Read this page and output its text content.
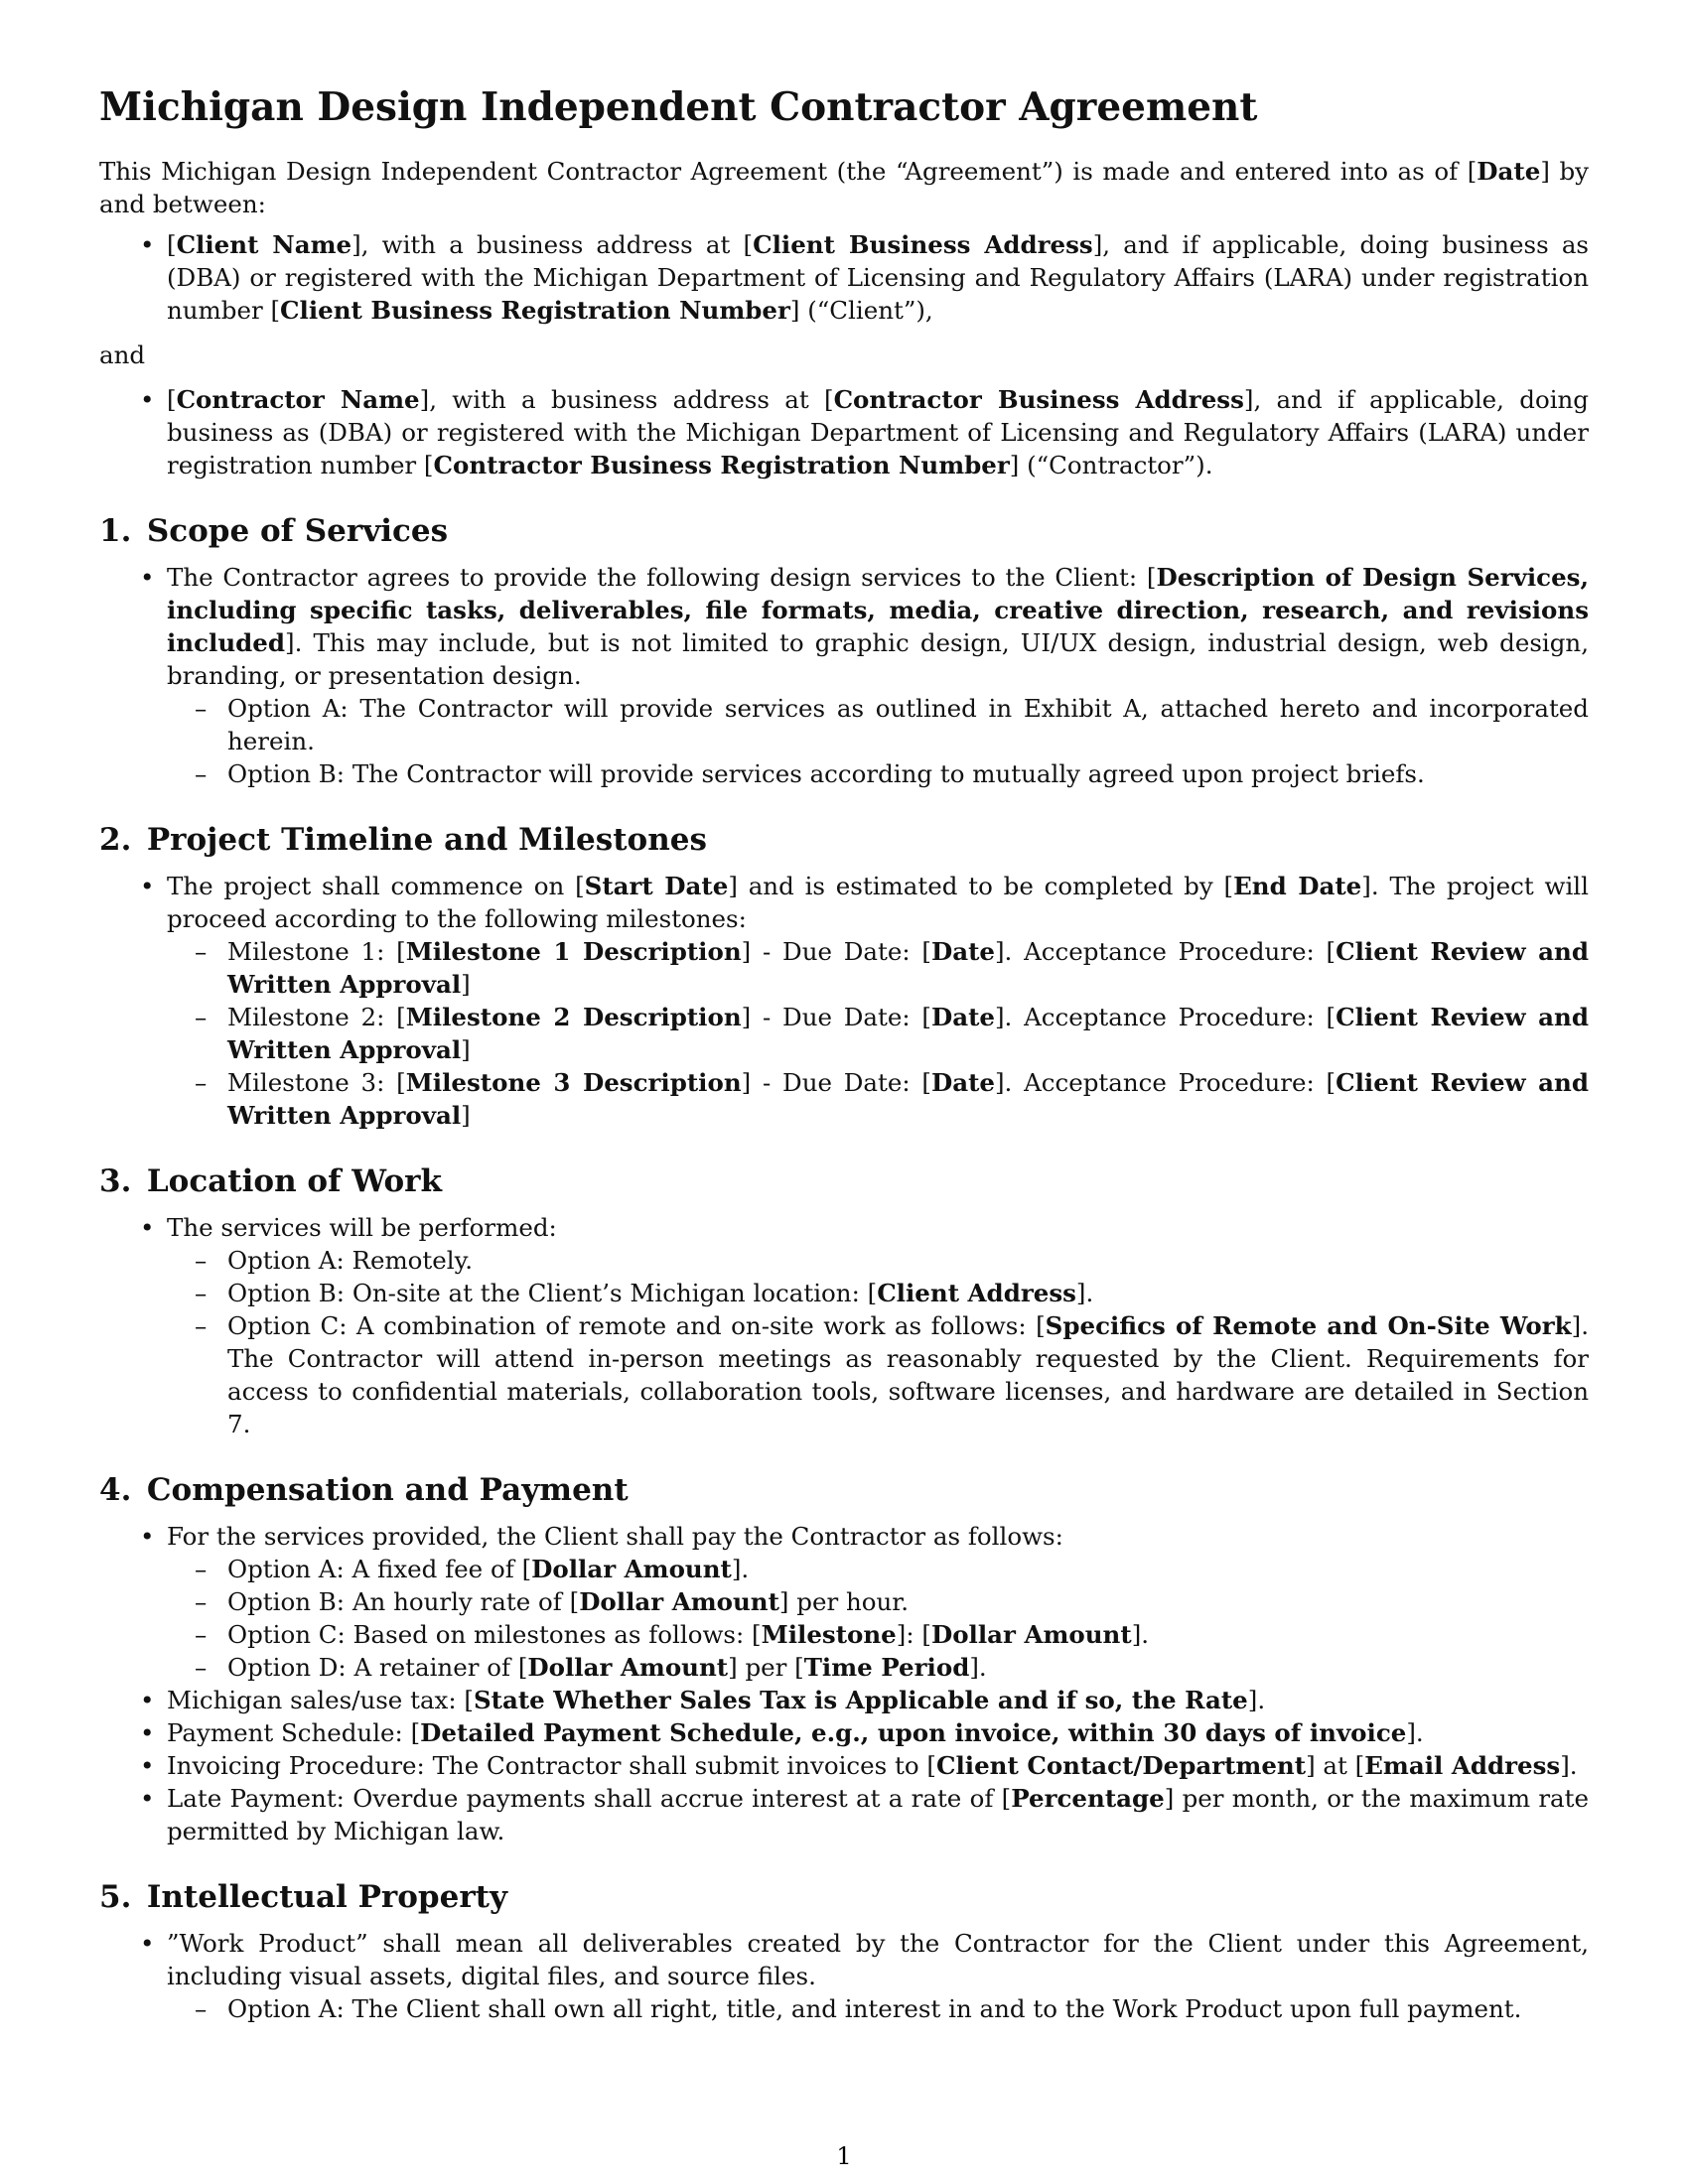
Michigan Design Independent Contractor Agreement

This Michigan Design Independent Contractor Agreement (the “Agreement”) is made and entered into as of [Date] by and between:

• [Client Name], with a business address at [Client Business Address], and if applicable, doing business as (DBA) or registered with the Michigan Department of Licensing and Regulatory Affairs (LARA) under registration number [Client Business Registration Number] (“Client”),

and

• [Contractor Name], with a business address at [Contractor Business Address], and if applicable, doing business as (DBA) or registered with the Michigan Department of Licensing and Regulatory Affairs (LARA) under registration number [Contractor Business Registration Number] (“Contractor”).
1. Scope of Services
• The Contractor agrees to provide the following design services to the Client: [Description of Design Services, including specific tasks, deliverables, file formats, media, creative direction, research, and revisions included]. This may include, but is not limited to graphic design, UI/UX design, industrial design, web design, branding, or presentation design.
– Option A: The Contractor will provide services as outlined in Exhibit A, attached hereto and incorporated herein.
– Option B: The Contractor will provide services according to mutually agreed upon project briefs.
2. Project Timeline and Milestones
• The project shall commence on [Start Date] and is estimated to be completed by [End Date]. The project will proceed according to the following milestones:
– Milestone 1: [Milestone 1 Description] - Due Date: [Date]. Acceptance Procedure: [Client Review and Written Approval]
– Milestone 2: [Milestone 2 Description] - Due Date: [Date]. Acceptance Procedure: [Client Review and Written Approval]
– Milestone 3: [Milestone 3 Description] - Due Date: [Date]. Acceptance Procedure: [Client Review and Written Approval]
3. Location of Work
• The services will be performed:
– Option A: Remotely.
– Option B: On-site at the Client’s Michigan location: [Client Address].
– Option C: A combination of remote and on-site work as follows: [Specifics of Remote and On-Site Work]. The Contractor will attend in-person meetings as reasonably requested by the Client. Requirements for access to confidential materials, collaboration tools, software licenses, and hardware are detailed in Section 7.
4. Compensation and Payment
• For the services provided, the Client shall pay the Contractor as follows:
– Option A: A fixed fee of [Dollar Amount].
– Option B: An hourly rate of [Dollar Amount] per hour.
– Option C: Based on milestones as follows: [Milestone]: [Dollar Amount].
– Option D: A retainer of [Dollar Amount] per [Time Period].
• Michigan sales/use tax: [State Whether Sales Tax is Applicable and if so, the Rate].
• Payment Schedule: [Detailed Payment Schedule, e.g., upon invoice, within 30 days of invoice].
• Invoicing Procedure: The Contractor shall submit invoices to [Client Contact/Department] at [Email Address].
• Late Payment: Overdue payments shall accrue interest at a rate of [Percentage] per month, or the maximum rate permitted by Michigan law.
5. Intellectual Property
• ”Work Product” shall mean all deliverables created by the Contractor for the Client under this Agreement, including visual assets, digital files, and source files.
– Option A: The Client shall own all right, title, and interest in and to the Work Product upon full payment.
1
